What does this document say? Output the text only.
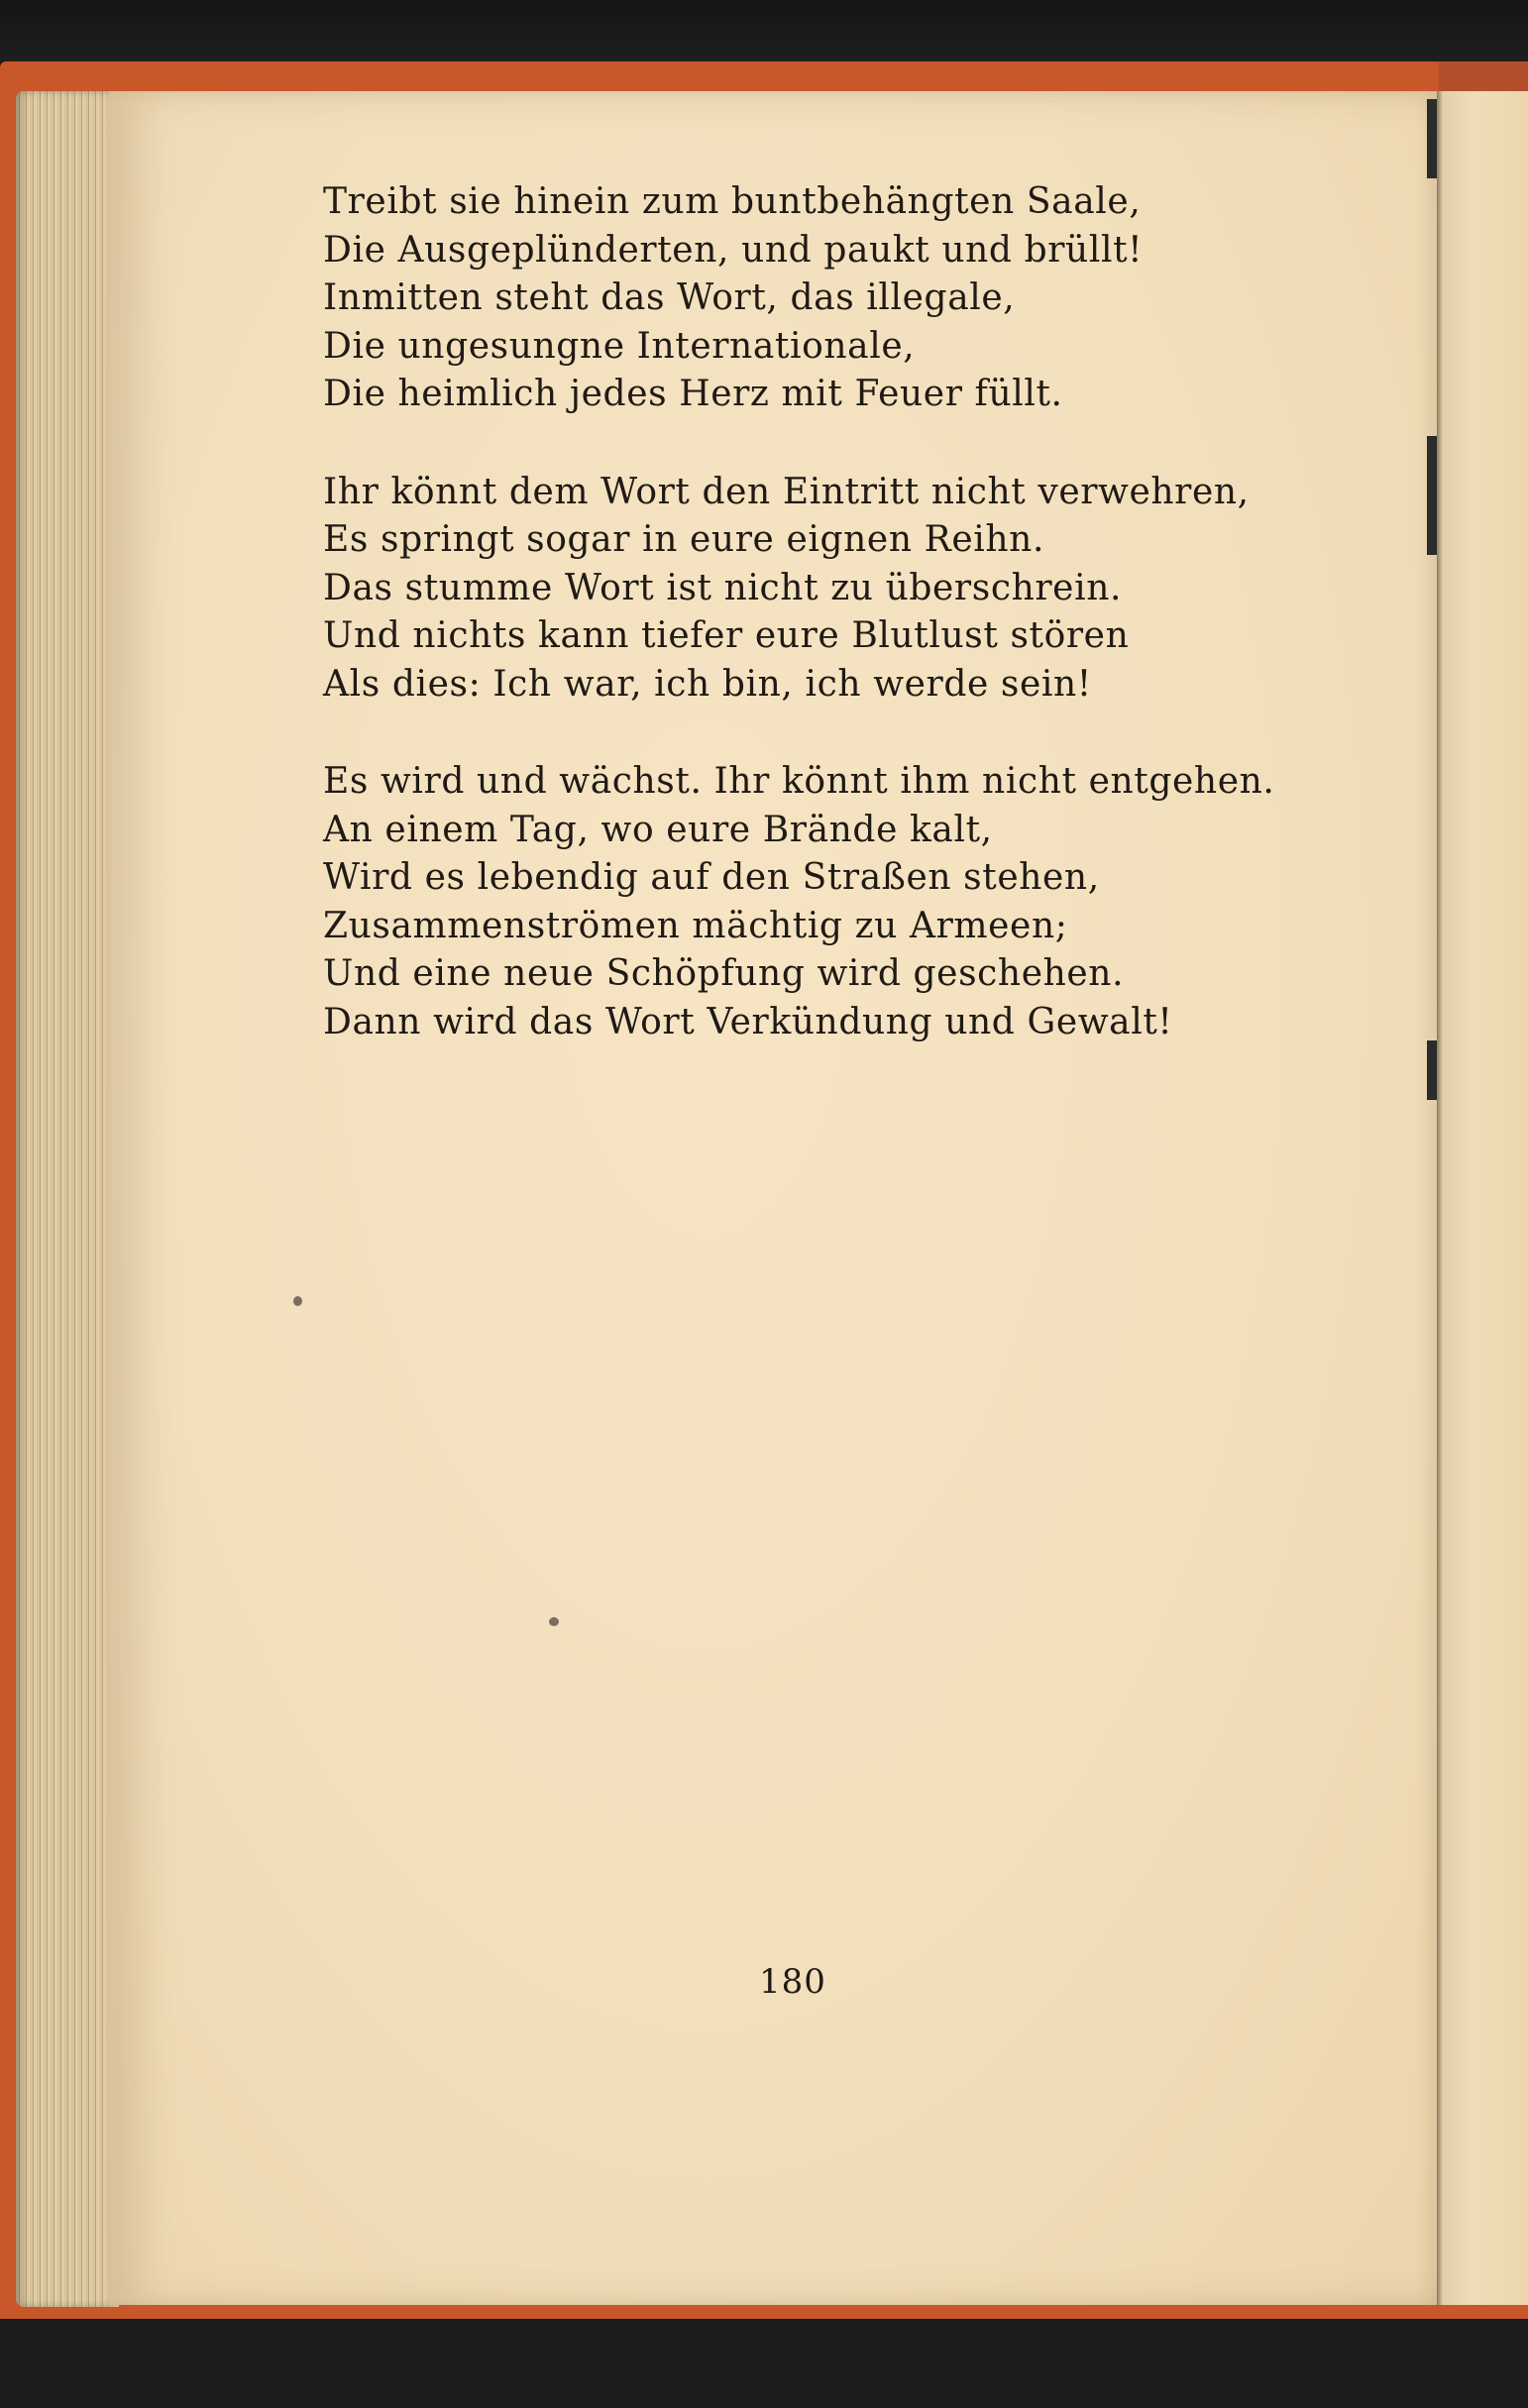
Treibt sie hinein zum buntbehängten Saale,
Die Ausgeplünderten, und paukt und brüllt!
Inmitten steht das Wort, das illegale,
Die ungesungne Internationale,
Die heimlich jedes Herz mit Feuer füllt.
Ihr könnt dem Wort den Eintritt nicht verwehren,
Es springt sogar in eure eignen Reihn.
Das stumme Wort ist nicht zu überschrein.
Und nichts kann tiefer eure Blutlust stören
Als dies: Ich war, ich bin, ich werde sein!
Es wird und wächst. Ihr könnt ihm nicht entgehen.
An einem Tag, wo eure Brände kalt,
Wird es lebendig auf den Straßen stehen,
Zusammenströmen mächtig zu Armeen;
Und eine neue Schöpfung wird geschehen.
Dann wird das Wort Verkündung und Gewalt!
180
